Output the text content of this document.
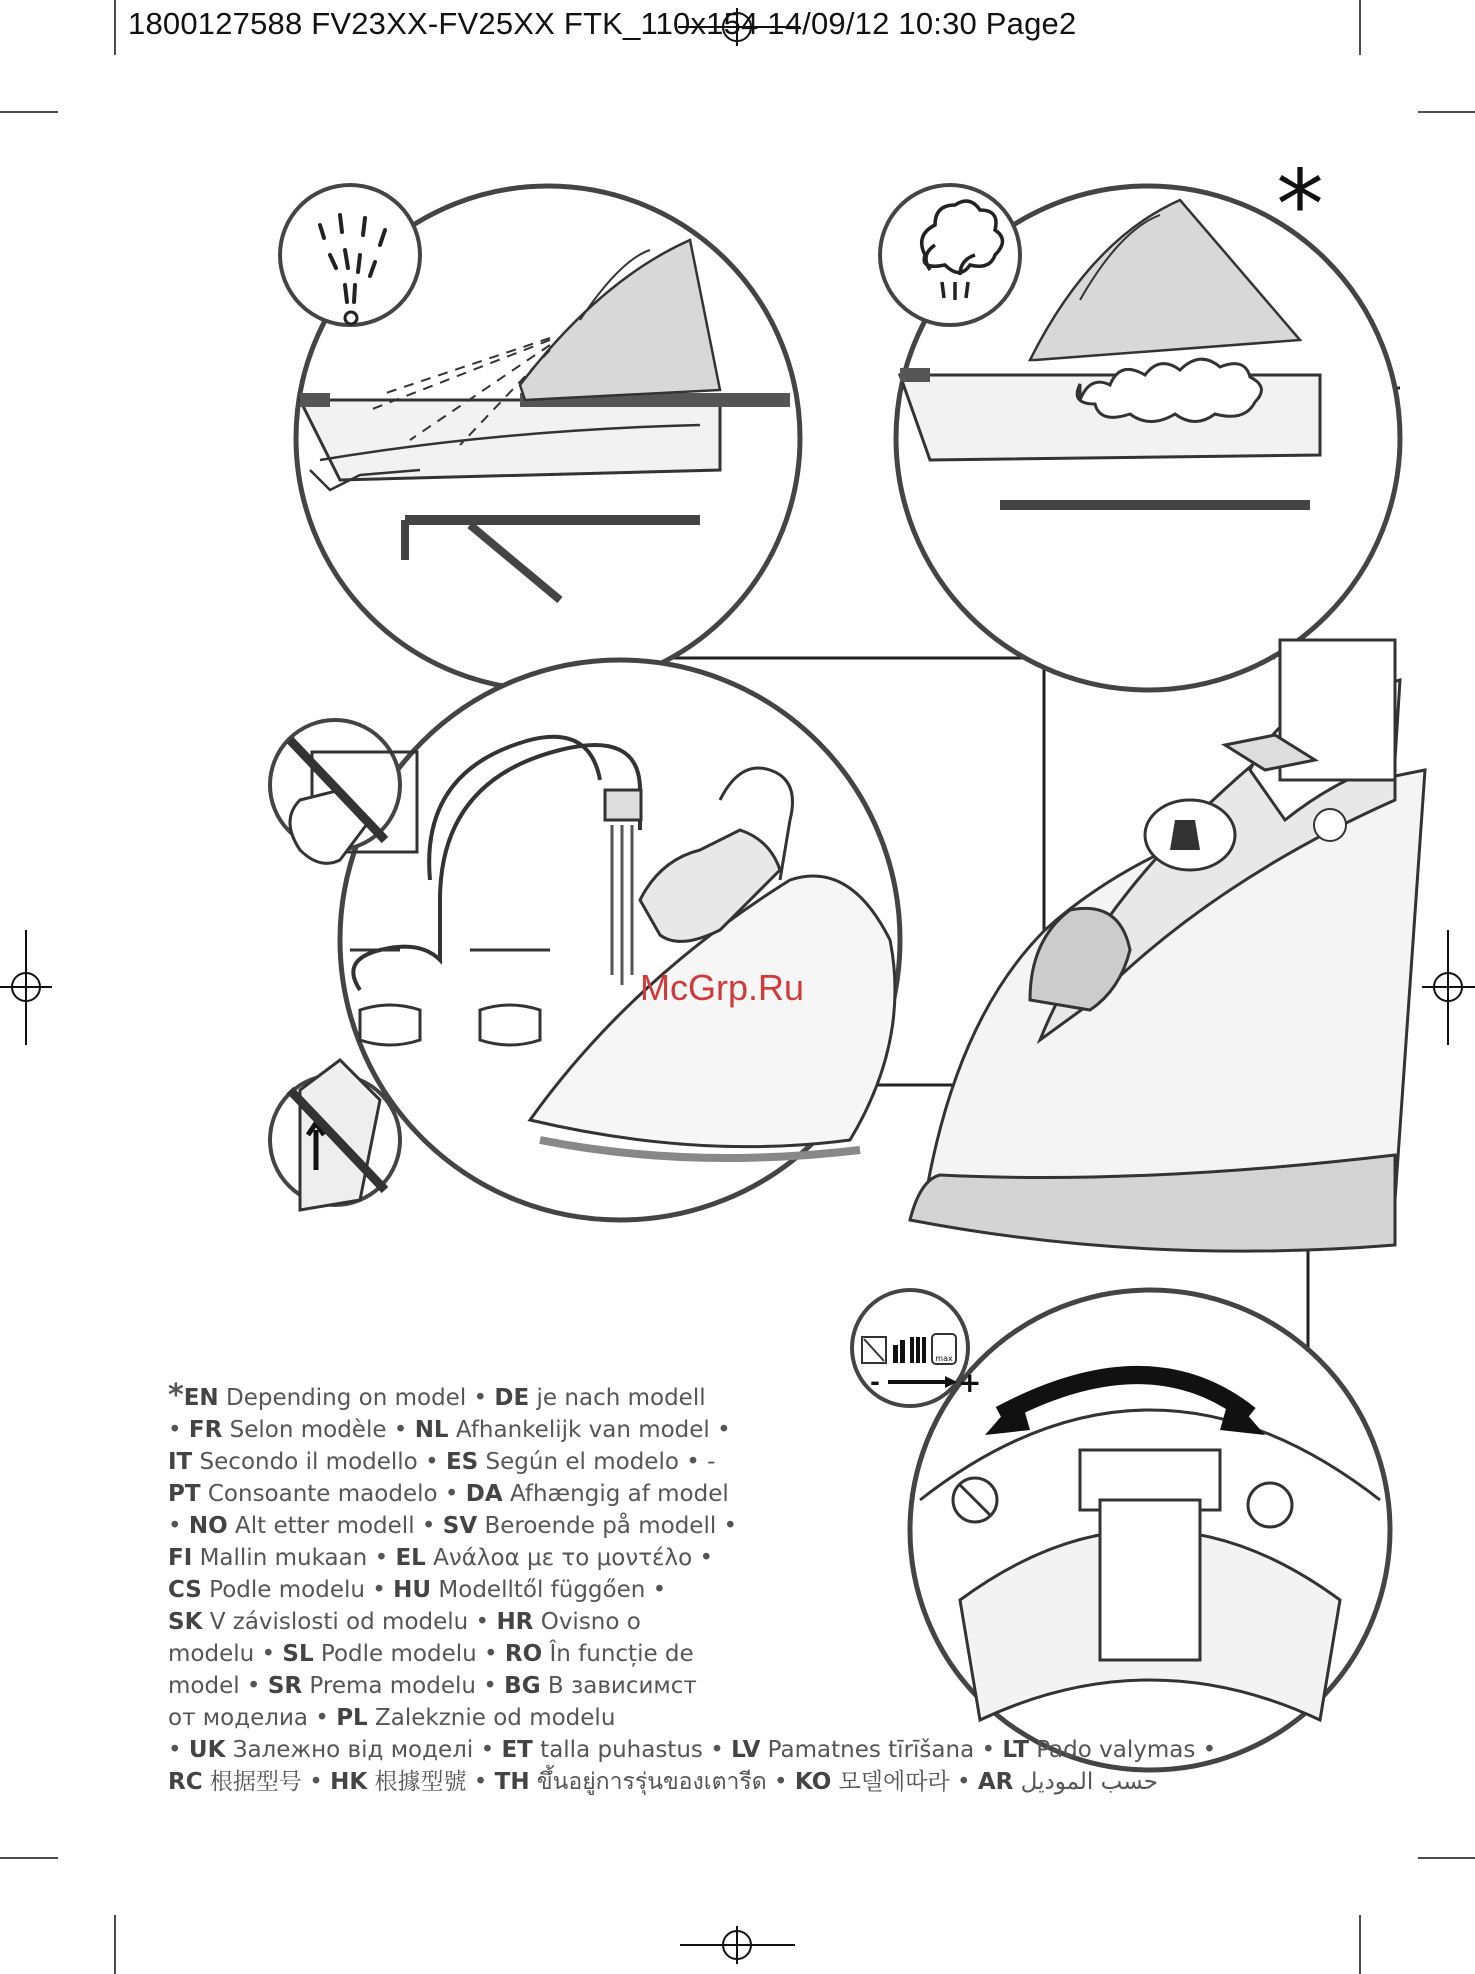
*
McGrp.Ru
max
-	+
1800127588 FV23XX-FV25XX FTK_110x154 14/09/12 10:30 Page2
*EN Depending on model • DE je nach modell
• FR Selon modèle • NL Afhankelijk van model •
IT Secondo il modello • ES Según el modelo • -
PT Consoante maodelo • DA Afhængig af model
• NO Alt etter modell • SV Beroende på modell •
FI Mallin mukaan • EL Ανάλοα με το μοντέλο •
CS Podle modelu • HU Modelltől függően •
SK V závislosti od modelu • HR Ovisno o
modelu • SL Podle modelu • RO În funcție de
model • SR Prema modelu • BG В зависимст
от моделиа • PL Zalekznie od modelu
• UK Залежно від моделі • ET talla puhastus • LV Pamatnes tīrīšana • LT Pado valymas •
RC 根据型号 • HK 根據型號 • TH ขึ้นอยู่การรุ่นของเตารีด • KO 모델에따라 • AR حسب الموديل
